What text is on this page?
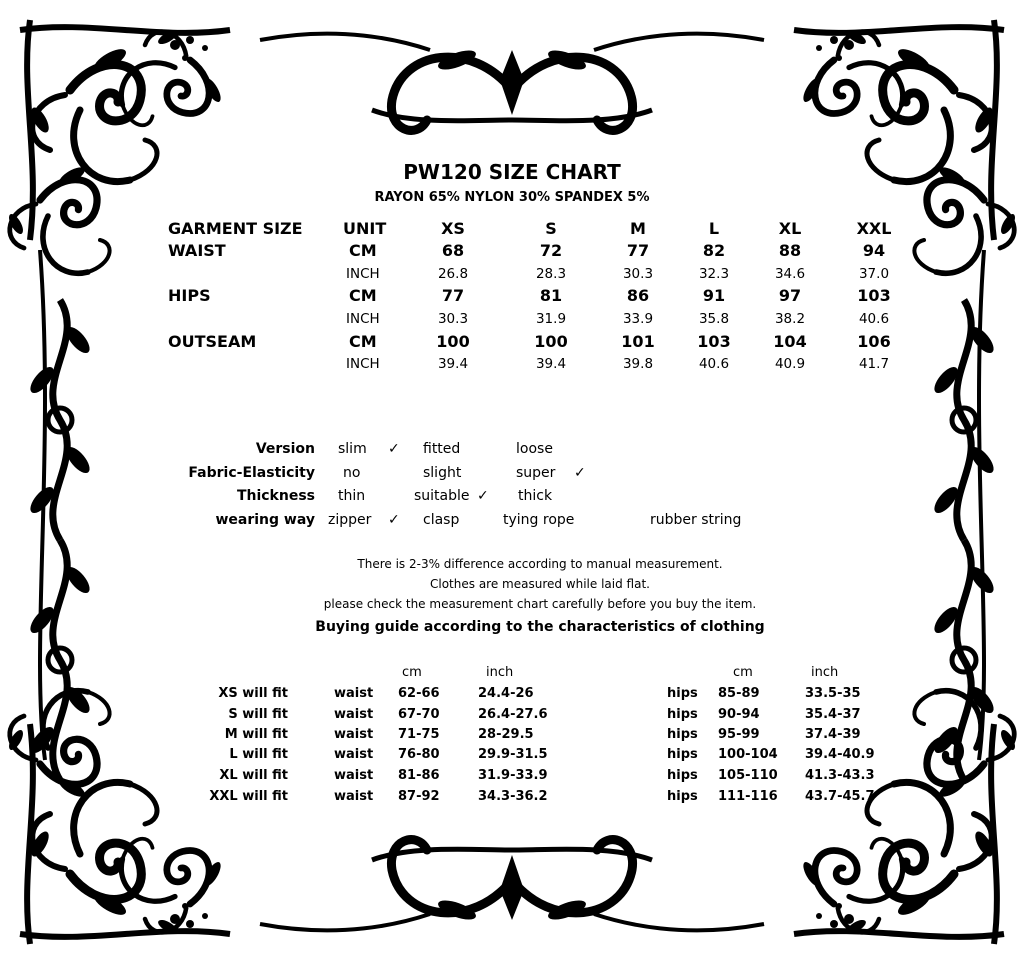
PW120 SIZE CHART
RAYON 65% NYLON 30% SPANDEX 5%
GARMENT SIZE	UNIT	XS	S	M	L	XL	XXL
WAIST	CM	68	72	77	82	88	94
INCH	26.8	28.3	30.3	32.3	34.6	37.0
HIPS	CM	77	81	86	91	97	103
INCH	30.3	31.9	33.9	35.8	38.2	40.6
OUTSEAM	CM	100	100	101	103	104	106
INCH	39.4	39.4	39.8	40.6	40.9	41.7
Version slim ✓ fitted	loose
Fabric-Elasticity no	slight	super ✓
Thickness thin	suitable ✓ thick
wearing way zipper ✓ clasp	tying rope	rubber string
There is 2-3% difference according to manual measurement.
Clothes are measured while laid flat.
please check the measurement chart carefully before you buy the item.
Buying guide according to the characteristics of clothing
cm	inch	cm	inch
XS will fit	waist 62-66	24.4-26	hips 85-89	33.5-35
S will fit	waist 67-70	26.4-27.6	hips 90-94	35.4-37
M will fit	waist 71-75	28-29.5	hips 95-99	37.4-39
L will fit	waist 76-80	29.9-31.5	hips 100-104 39.4-40.9
XL will fit	waist 81-86	31.9-33.9	hips 105-110 41.3-43.3
XXL will fit	waist 87-92	34.3-36.2	hips 111-116 43.7-45.7
